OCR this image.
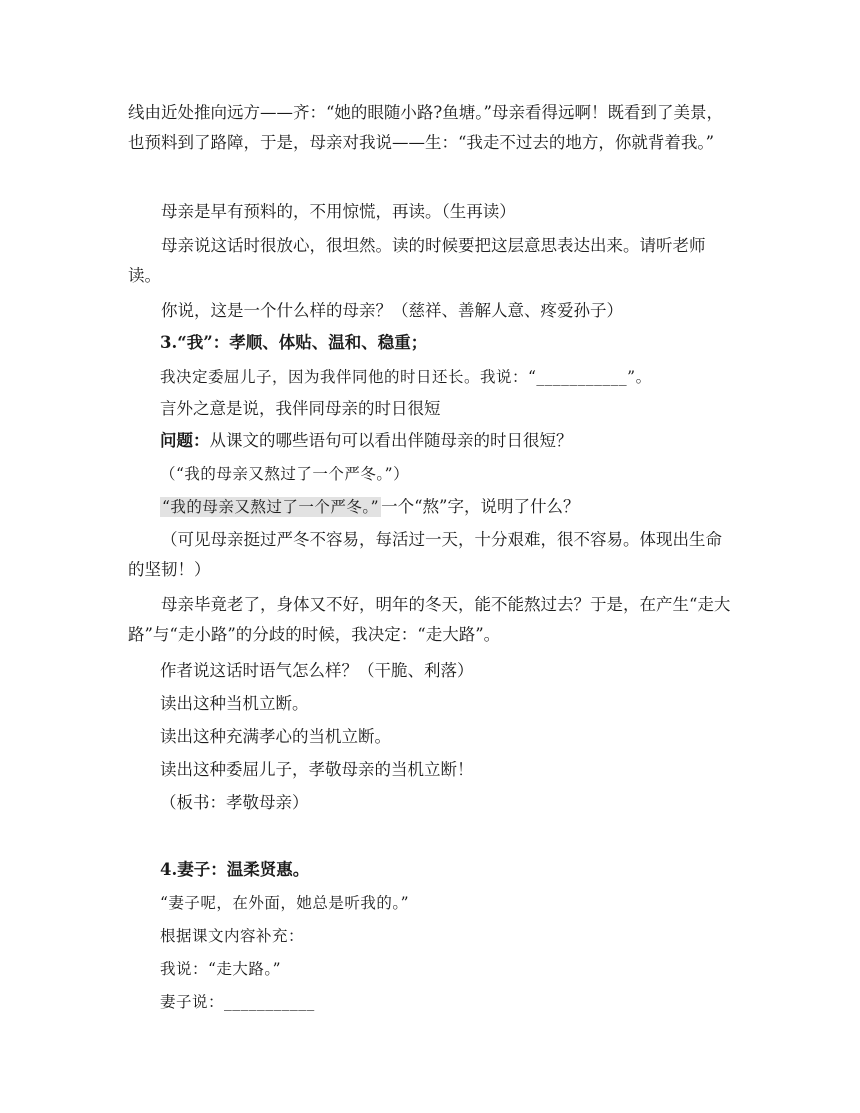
线由近处推向远方——齐：“她的眼随小路?鱼塘。”母亲看得远啊！既看到了美景，也预料到了路障，于是，母亲对我说——生：“我走不过去的地方，你就背着我。”

母亲是早有预料的，不用惊慌，再读。（生再读）

母亲说这话时很放心，很坦然。读的时候要把这层意思表达出来。请听老师读。

你说，这是一个什么样的母亲？（慈祥、善解人意、疼爱孙子）

3.“我”：孝顺、体贴、温和、稳重；

我决定委屈儿子，因为我伴同他的时日还长。我说：“___________”。

言外之意是说，我伴同母亲的时日很短

问题：从课文的哪些语句可以看出伴随母亲的时日很短？

（“我的母亲又熬过了一个严冬。”）

“我的母亲又熬过了一个严冬。” 一个“熬”字，说明了什么？

（可见母亲挺过严冬不容易，每活过一天，十分艰难，很不容易。体现出生命的坚韧！）

母亲毕竟老了，身体又不好，明年的冬天，能不能熬过去？于是，在产生“走大路”与“走小路”的分歧的时候，我决定：“走大路”。

作者说这话时语气怎么样？（干脆、利落）

读出这种当机立断。

读出这种充满孝心的当机立断。

读出这种委屈儿子，孝敬母亲的当机立断！

（板书：孝敬母亲）

4.妻子：温柔贤惠。

“妻子呢，在外面，她总是听我的。”

根据课文内容补充：

我说：“走大路。”

妻子说：___________
